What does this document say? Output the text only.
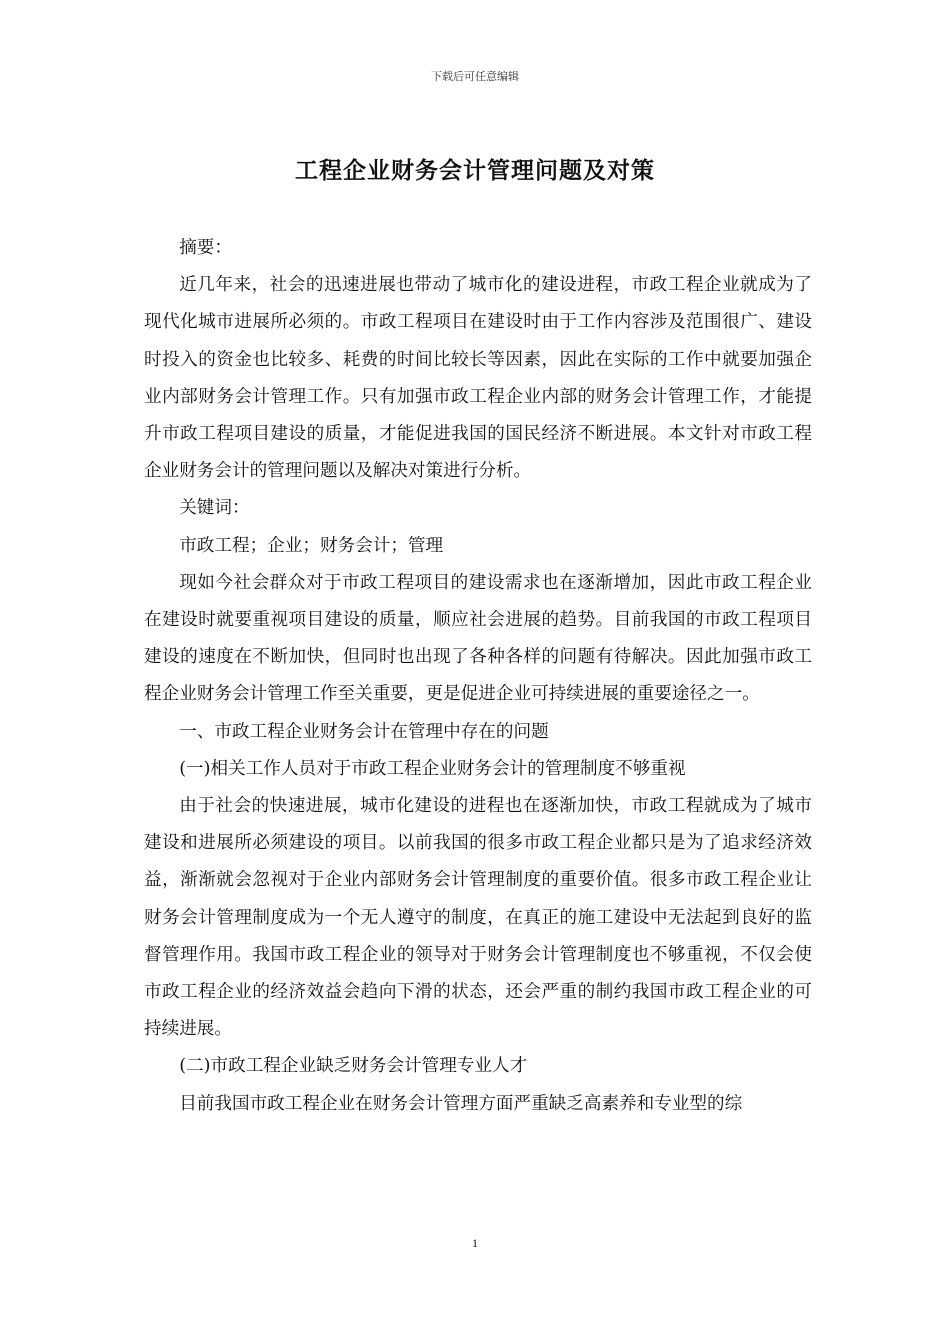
下载后可任意编辑
工程企业财务会计管理问题及对策

摘要：

近几年来，社会的迅速进展也带动了城市化的建设进程，市政工程企业就成为了现代化城市进展所必须的。市政工程项目在建设时由于工作内容涉及范围很广、建设时投入的资金也比较多、耗费的时间比较长等因素，因此在实际的工作中就要加强企业内部财务会计管理工作。只有加强市政工程企业内部的财务会计管理工作，才能提升市政工程项目建设的质量，才能促进我国的国民经济不断进展。本文针对市政工程企业财务会计的管理问题以及解决对策进行分析。

关键词：

市政工程；企业；财务会计；管理

现如今社会群众对于市政工程项目的建设需求也在逐渐增加，因此市政工程企业在建设时就要重视项目建设的质量，顺应社会进展的趋势。目前我国的市政工程项目建设的速度在不断加快，但同时也出现了各种各样的问题有待解决。因此加强市政工程企业财务会计管理工作至关重要，更是促进企业可持续进展的重要途径之一。

一、市政工程企业财务会计在管理中存在的问题

(一)相关工作人员对于市政工程企业财务会计的管理制度不够重视

由于社会的快速进展，城市化建设的进程也在逐渐加快，市政工程就成为了城市建设和进展所必须建设的项目。以前我国的很多市政工程企业都只是为了追求经济效益，渐渐就会忽视对于企业内部财务会计管理制度的重要价值。很多市政工程企业让财务会计管理制度成为一个无人遵守的制度，在真正的施工建设中无法起到良好的监督管理作用。我国市政工程企业的领导对于财务会计管理制度也不够重视，不仅会使市政工程企业的经济效益会趋向下滑的状态，还会严重的制约我国市政工程企业的可持续进展。

(二)市政工程企业缺乏财务会计管理专业人才

目前我国市政工程企业在财务会计管理方面严重缺乏高素养和专业型的综

1
